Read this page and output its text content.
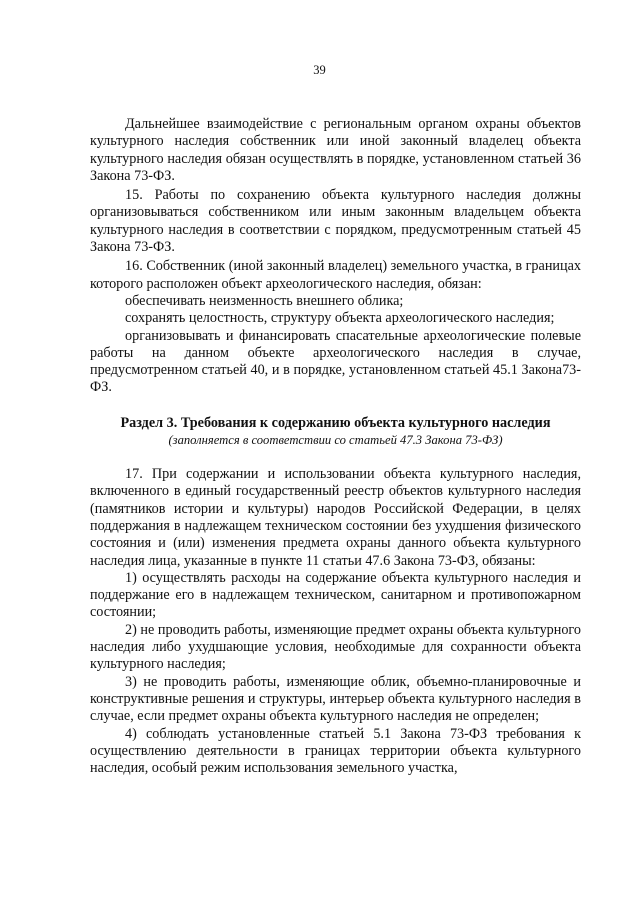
39

Дальнейшее взаимодействие с региональным органом охраны объектов культурного наследия собственник или иной законный владелец объекта культурного наследия обязан осуществлять в порядке, установленном статьей 36 Закона 73-ФЗ.

15. Работы по сохранению объекта культурного наследия должны организовываться собственником или иным законным владельцем объекта культурного наследия в соответствии с порядком, предусмотренным статьей 45 Закона 73-ФЗ.

16. Собственник (иной законный владелец) земельного участка, в границах которого расположен объект археологического наследия, обязан:

обеспечивать неизменность внешнего облика;

сохранять целостность, структуру объекта археологического наследия;

организовывать и финансировать спасательные археологические полевые работы на данном объекте археологического наследия в случае, предусмотренном статьей 40, и в порядке, установленном статьей 45.1 Закона73-ФЗ.

Раздел 3. Требования к содержанию объекта культурного наследия
(заполняется в соответствии со статьей 47.3 Закона 73-ФЗ)

17. При содержании и использовании объекта культурного наследия, включенного в единый государственный реестр объектов культурного наследия (памятников истории и культуры) народов Российской Федерации, в целях поддержания в надлежащем техническом состоянии без ухудшения физического состояния и (или) изменения предмета охраны данного объекта культурного наследия лица, указанные в пункте 11 статьи 47.6 Закона 73-ФЗ, обязаны:

1) осуществлять расходы на содержание объекта культурного наследия и поддержание его в надлежащем техническом, санитарном и противопожарном состоянии;

2) не проводить работы, изменяющие предмет охраны объекта культурного наследия либо ухудшающие условия, необходимые для сохранности объекта культурного наследия;

3) не проводить работы, изменяющие облик, объемно-планировочные и конструктивные решения и структуры, интерьер объекта культурного наследия в случае, если предмет охраны объекта культурного наследия не определен;

4) соблюдать установленные статьей 5.1 Закона 73-ФЗ требования к осуществлению деятельности в границах территории объекта культурного наследия, особый режим использования земельного участка,
